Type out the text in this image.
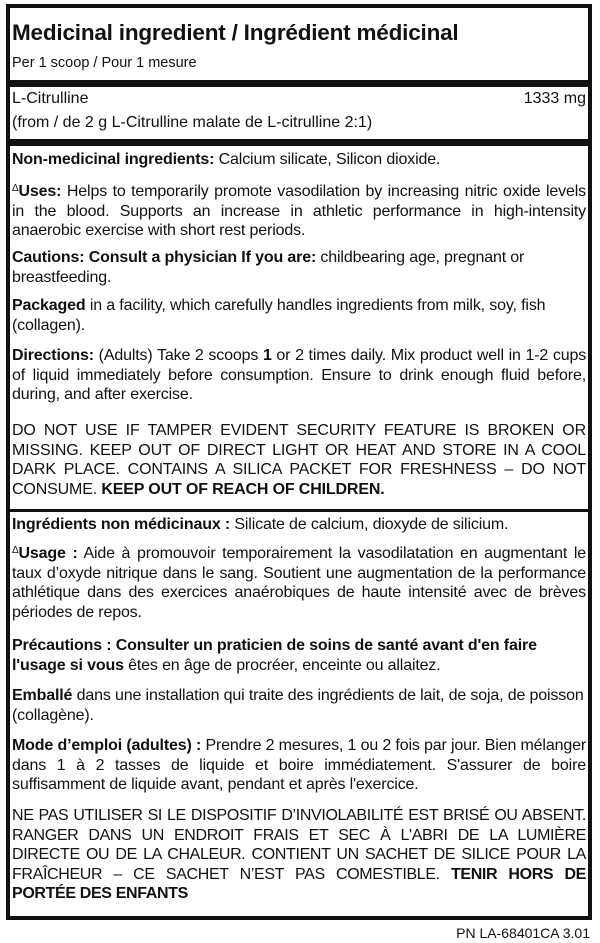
Medicinal ingredient / Ingrédient médicinal
Per 1 scoop / Pour 1 mesure
L-Citrulline	1333 mg
(from / de 2 g L-Citrulline malate de L-citrulline 2:1)
Non-medicinal ingredients: Calcium silicate, Silicon dioxide.
$^\Delta$Uses: Helps to temporarily promote vasodilation by increasing nitric oxide levels in the blood. Supports an increase in athletic performance in high-intensity anaerobic exercise with short rest periods.
Cautions: Consult a physician If you are: childbearing age, pregnant or breastfeeding.
Packaged in a facility, which carefully handles ingredients from milk, soy, fish (collagen).
Directions: (Adults) Take 2 scoops 1 or 2 times daily. Mix product well in 1-2 cups of liquid immediately before consumption. Ensure to drink enough fluid before, during, and after exercise.
DO NOT USE IF TAMPER EVIDENT SECURITY FEATURE IS BROKEN OR MISSING. KEEP OUT OF DIRECT LIGHT OR HEAT AND STORE IN A COOL DARK PLACE. CONTAINS A SILICA PACKET FOR FRESHNESS – DO NOT CONSUME. KEEP OUT OF REACH OF CHILDREN.
Ingrédients non médicinaux : Silicate de calcium, dioxyde de silicium.
$^\Delta$Usage : Aide à promouvoir temporairement la vasodilatation en augmentant le taux d’oxyde nitrique dans le sang. Soutient une augmentation de la performance athlétique dans des exercices anaérobiques de haute intensité avec de brèves périodes de repos.
Précautions : Consulter un praticien de soins de santé avant d'en faire l'usage si vous êtes en âge de procréer, enceinte ou allaitez.
Emballé dans une installation qui traite des ingrédients de lait, de soja, de poisson (collagène).
Mode d’emploi (adultes) : Prendre 2 mesures, 1 ou 2 fois par jour. Bien mélanger dans 1 à 2 tasses de liquide et boire immédiatement. S'assurer de boire suffisamment de liquide avant, pendant et après l'exercice.
NE PAS UTILISER SI LE DISPOSITIF D’INVIOLABILITÉ EST BRISÉ OU ABSENT. RANGER DANS UN ENDROIT FRAIS ET SEC À L'ABRI DE LA LUMIÈRE DIRECTE OU DE LA CHALEUR. CONTIENT UN SACHET DE SILICE POUR LA FRAÎCHEUR – CE SACHET N’EST PAS COMESTIBLE. TENIR HORS DE PORTÉE DES ENFANTS
PN LA-68401CA 3.01
